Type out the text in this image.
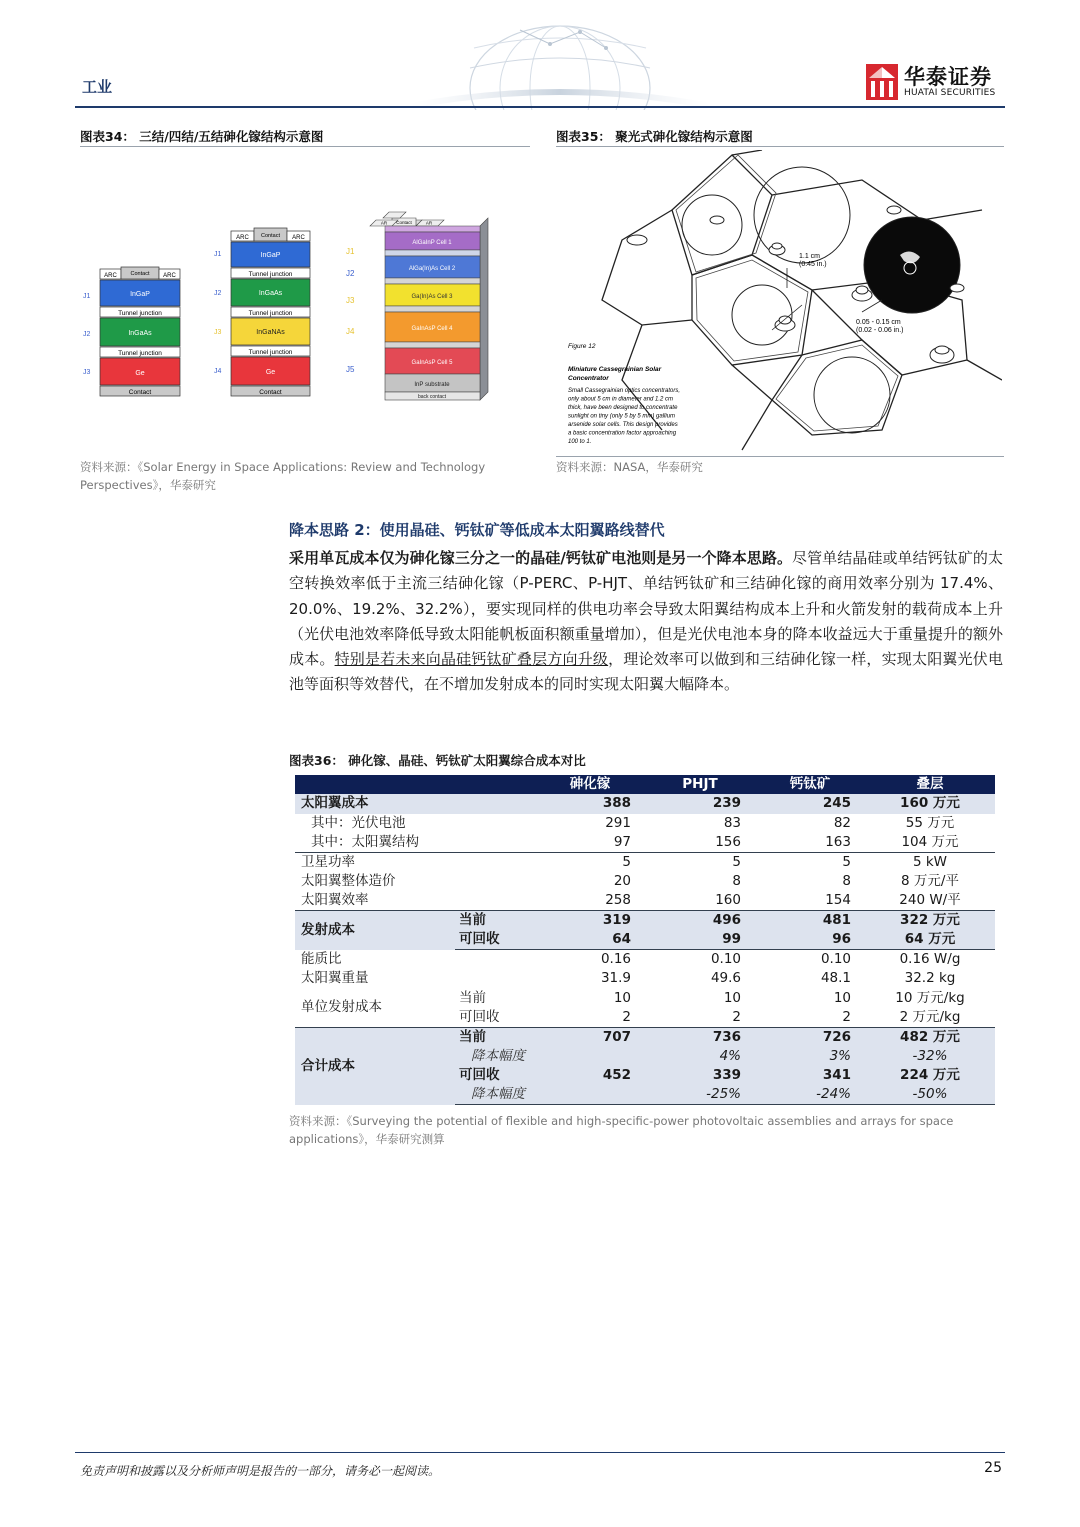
工业	华泰证券
HUATAI SECURITIES
图表34： 三结/四结/五结砷化镓结构示意图
J1
J2
J3
ARC Contact ARC
InGaP
Tunnel junction
InGaAs
Tunnel junction
Ge
Contact
J1
J2
J3
J4
ARC Contact ARC
InGaP
Tunnel junction
InGaAs
Tunnel junction
InGaNAs
Tunnel junction
Ge
Contact
J1
J2
J3
J4
J5
Contact
AR	AR
AlGaInP Cell 1
AlGa(In)As Cell 2
Ga(In)As Cell 3
GaInAsP Cell 4
GaInAsP Cell 5
InP substrate
back contact
资料来源：《Solar Energy in Space Applications: Review and Technology
Perspectives》，华泰研究
图表35： 聚光式砷化镓结构示意图
1.1 cm
(0.45 in.)
0.05 - 0.15 cm
(0.02 - 0.06 in.)
Figure 12
Miniature Cassegrainian Solar
Concentrator
Small Cassegrainian optics concentrators,
only about 5 cm in diameter and 1.2 cm
thick, have been designed to concentrate
sunlight on tiny (only 5 by 5 mm) gallium
arsenide solar cells. This design provides
a basic concentration factor approaching
100 to 1.
资料来源：NASA，华泰研究
降本思路 2：使用晶硅、钙钛矿等低成本太阳翼路线替代
采用单瓦成本仅为砷化镓三分之一的晶硅/钙钛矿电池则是另一个降本思路。尽管单结晶硅或单结钙钛矿的太空转换效率低于主流三结砷化镓（P-PERC、P-HJT、单结钙钛矿和三结砷化镓的商用效率分别为 17.4%、20.0%、19.2%、32.2%），要实现同样的供电功率会导致太阳翼结构成本上升和火箭发射的载荷成本上升（光伏电池效率降低导致太阳能帆板面积额重量增加），但是光伏电池本身的降本收益远大于重量提升的额外成本。特别是若未来向晶硅钙钛矿叠层方向升级，理论效率可以做到和三结砷化镓一样，实现太阳翼光伏电池等面积等效替代，在不增加发射成本的同时实现太阳翼大幅降本。
图表36： 砷化镓、晶硅、钙钛矿太阳翼综合成本对比
		砷化镓	PHJT	钙钛矿	叠层
太阳翼成本		388	239	245	160 万元
其中：光伏电池		291	83	82	55 万元
其中：太阳翼结构		97	156	163	104 万元
卫星功率		5	5	5	5 kW
太阳翼整体造价		20	8	8	8 万元/平
太阳翼效率		258	160	154	240 W/平
发射成本	当前	319	496	481	322 万元
	可回收	64	99	96	64 万元
能质比		0.16	0.10	0.10	0.16 W/g
太阳翼重量		31.9	49.6	48.1	32.2 kg
单位发射成本	当前	10	10	10	10 万元/kg
	可回收	2	2	2	2 万元/kg
合计成本	当前	707	736	726	482 万元
	降本幅度		4%	3%	-32%
	可回收	452	339	341	224 万元
	降本幅度		-25%	-24%	-50%
资料来源：《Surveying the potential of flexible and high-specific-power photovoltaic assemblies and arrays for space
applications》，华泰研究测算
免责声明和披露以及分析师声明是报告的一部分，请务必一起阅读。	25
